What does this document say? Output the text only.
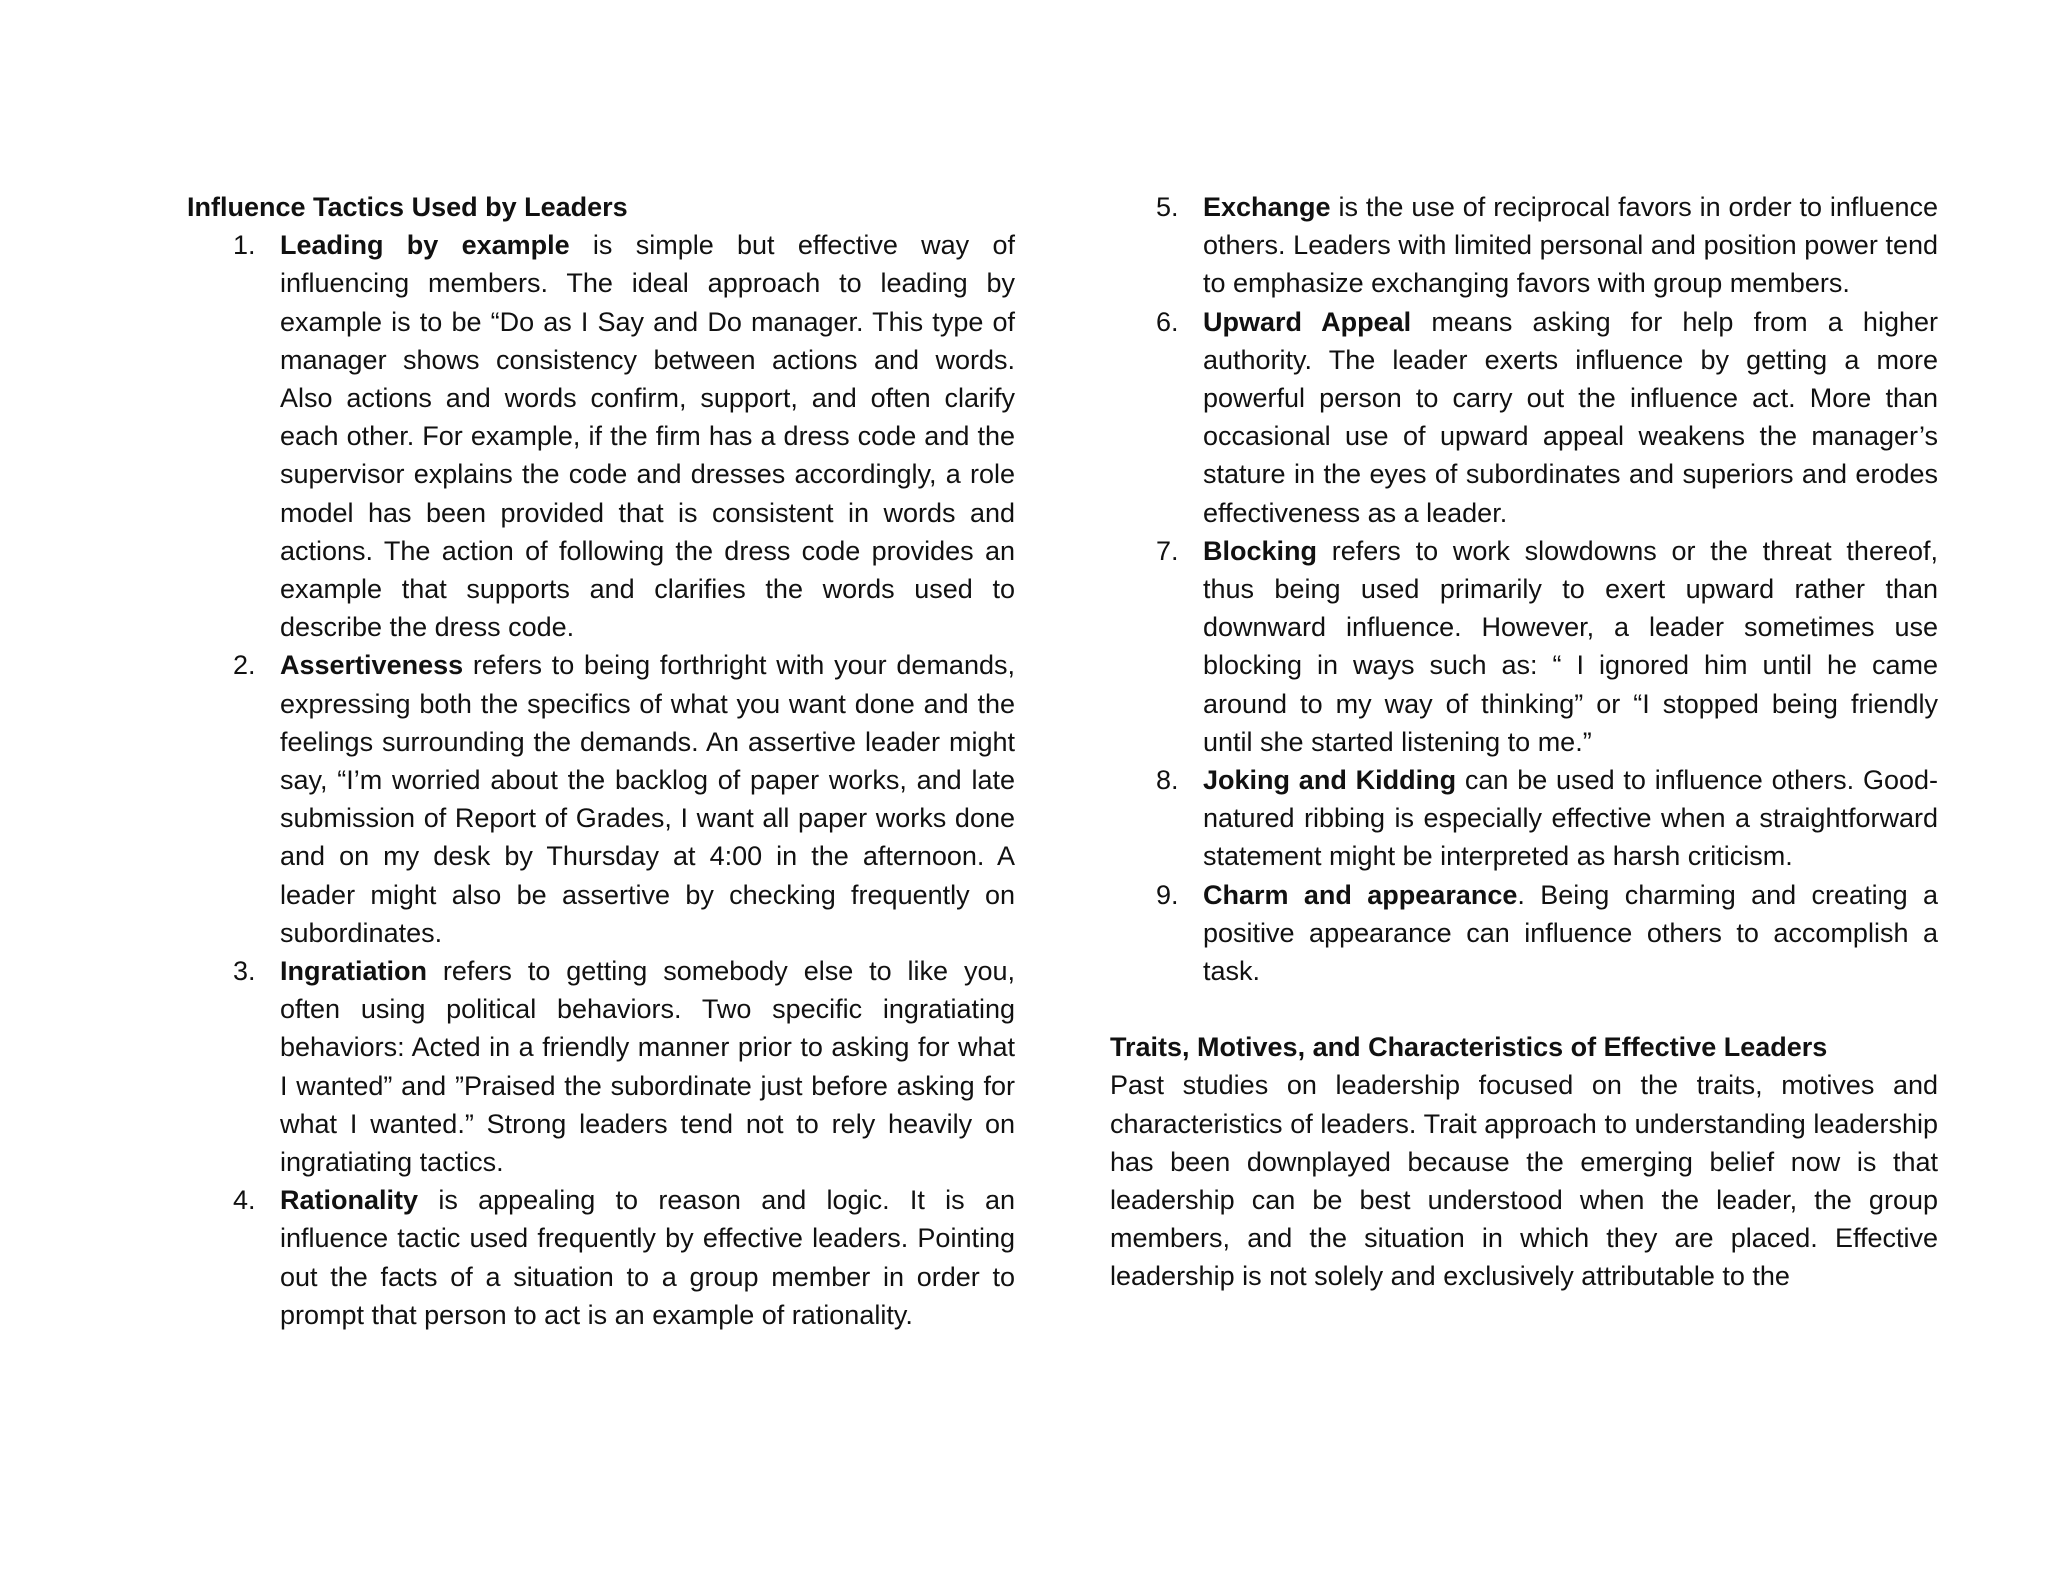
Influence Tactics Used by Leaders

1. Leading by example is simple but effective way of influencing members. The ideal approach to leading by example is to be “Do as I Say and Do manager. This type of manager shows consistency between actions and words. Also actions and words confirm, support, and often clarify each other. For example, if the firm has a dress code and the supervisor explains the code and dresses accordingly, a role model has been provided that is consistent in words and actions. The action of following the dress code provides an example that supports and clarifies the words used to describe the dress code.
2. Assertiveness refers to being forthright with your demands, expressing both the specifics of what you want done and the feelings surrounding the demands. An assertive leader might say, “I’m worried about the backlog of paper works, and late submission of Report of Grades, I want all paper works done and on my desk by Thursday at 4:00 in the afternoon. A leader might also be assertive by checking frequently on subordinates.
3. Ingratiation refers to getting somebody else to like you, often using political behaviors. Two specific ingratiating behaviors: Acted in a friendly manner prior to asking for what I wanted” and ”Praised the subordinate just before asking for what I wanted.” Strong leaders tend not to rely heavily on ingratiating tactics.
4. Rationality is appealing to reason and logic. It is an influence tactic used frequently by effective leaders. Pointing out the facts of a situation to a group member in order to prompt that person to act is an example of rationality.
5. Exchange is the use of reciprocal favors in order to influence others. Leaders with limited personal and position power tend to emphasize exchanging favors with group members.
6. Upward Appeal means asking for help from a higher authority. The leader exerts influence by getting a more powerful person to carry out the influence act. More than occasional use of upward appeal weakens the manager’s stature in the eyes of subordinates and superiors and erodes effectiveness as a leader.
7. Blocking refers to work slowdowns or the threat thereof, thus being used primarily to exert upward rather than downward influence. However, a leader sometimes use blocking in ways such as: “ I ignored him until he came around to my way of thinking” or “I stopped being friendly until she started listening to me.”
8. Joking and Kidding can be used to influence others. Good-natured ribbing is especially effective when a straightforward statement might be interpreted as harsh criticism.
9. Charm and appearance. Being charming and creating a positive appearance can influence others to accomplish a task.

Traits, Motives, and Characteristics of Effective Leaders

Past studies on leadership focused on the traits, motives and characteristics of leaders. Trait approach to understanding leadership has been downplayed because the emerging belief now is that leadership can be best understood when the leader, the group members, and the situation in which they are placed. Effective leadership is not solely and exclusively attributable to the
